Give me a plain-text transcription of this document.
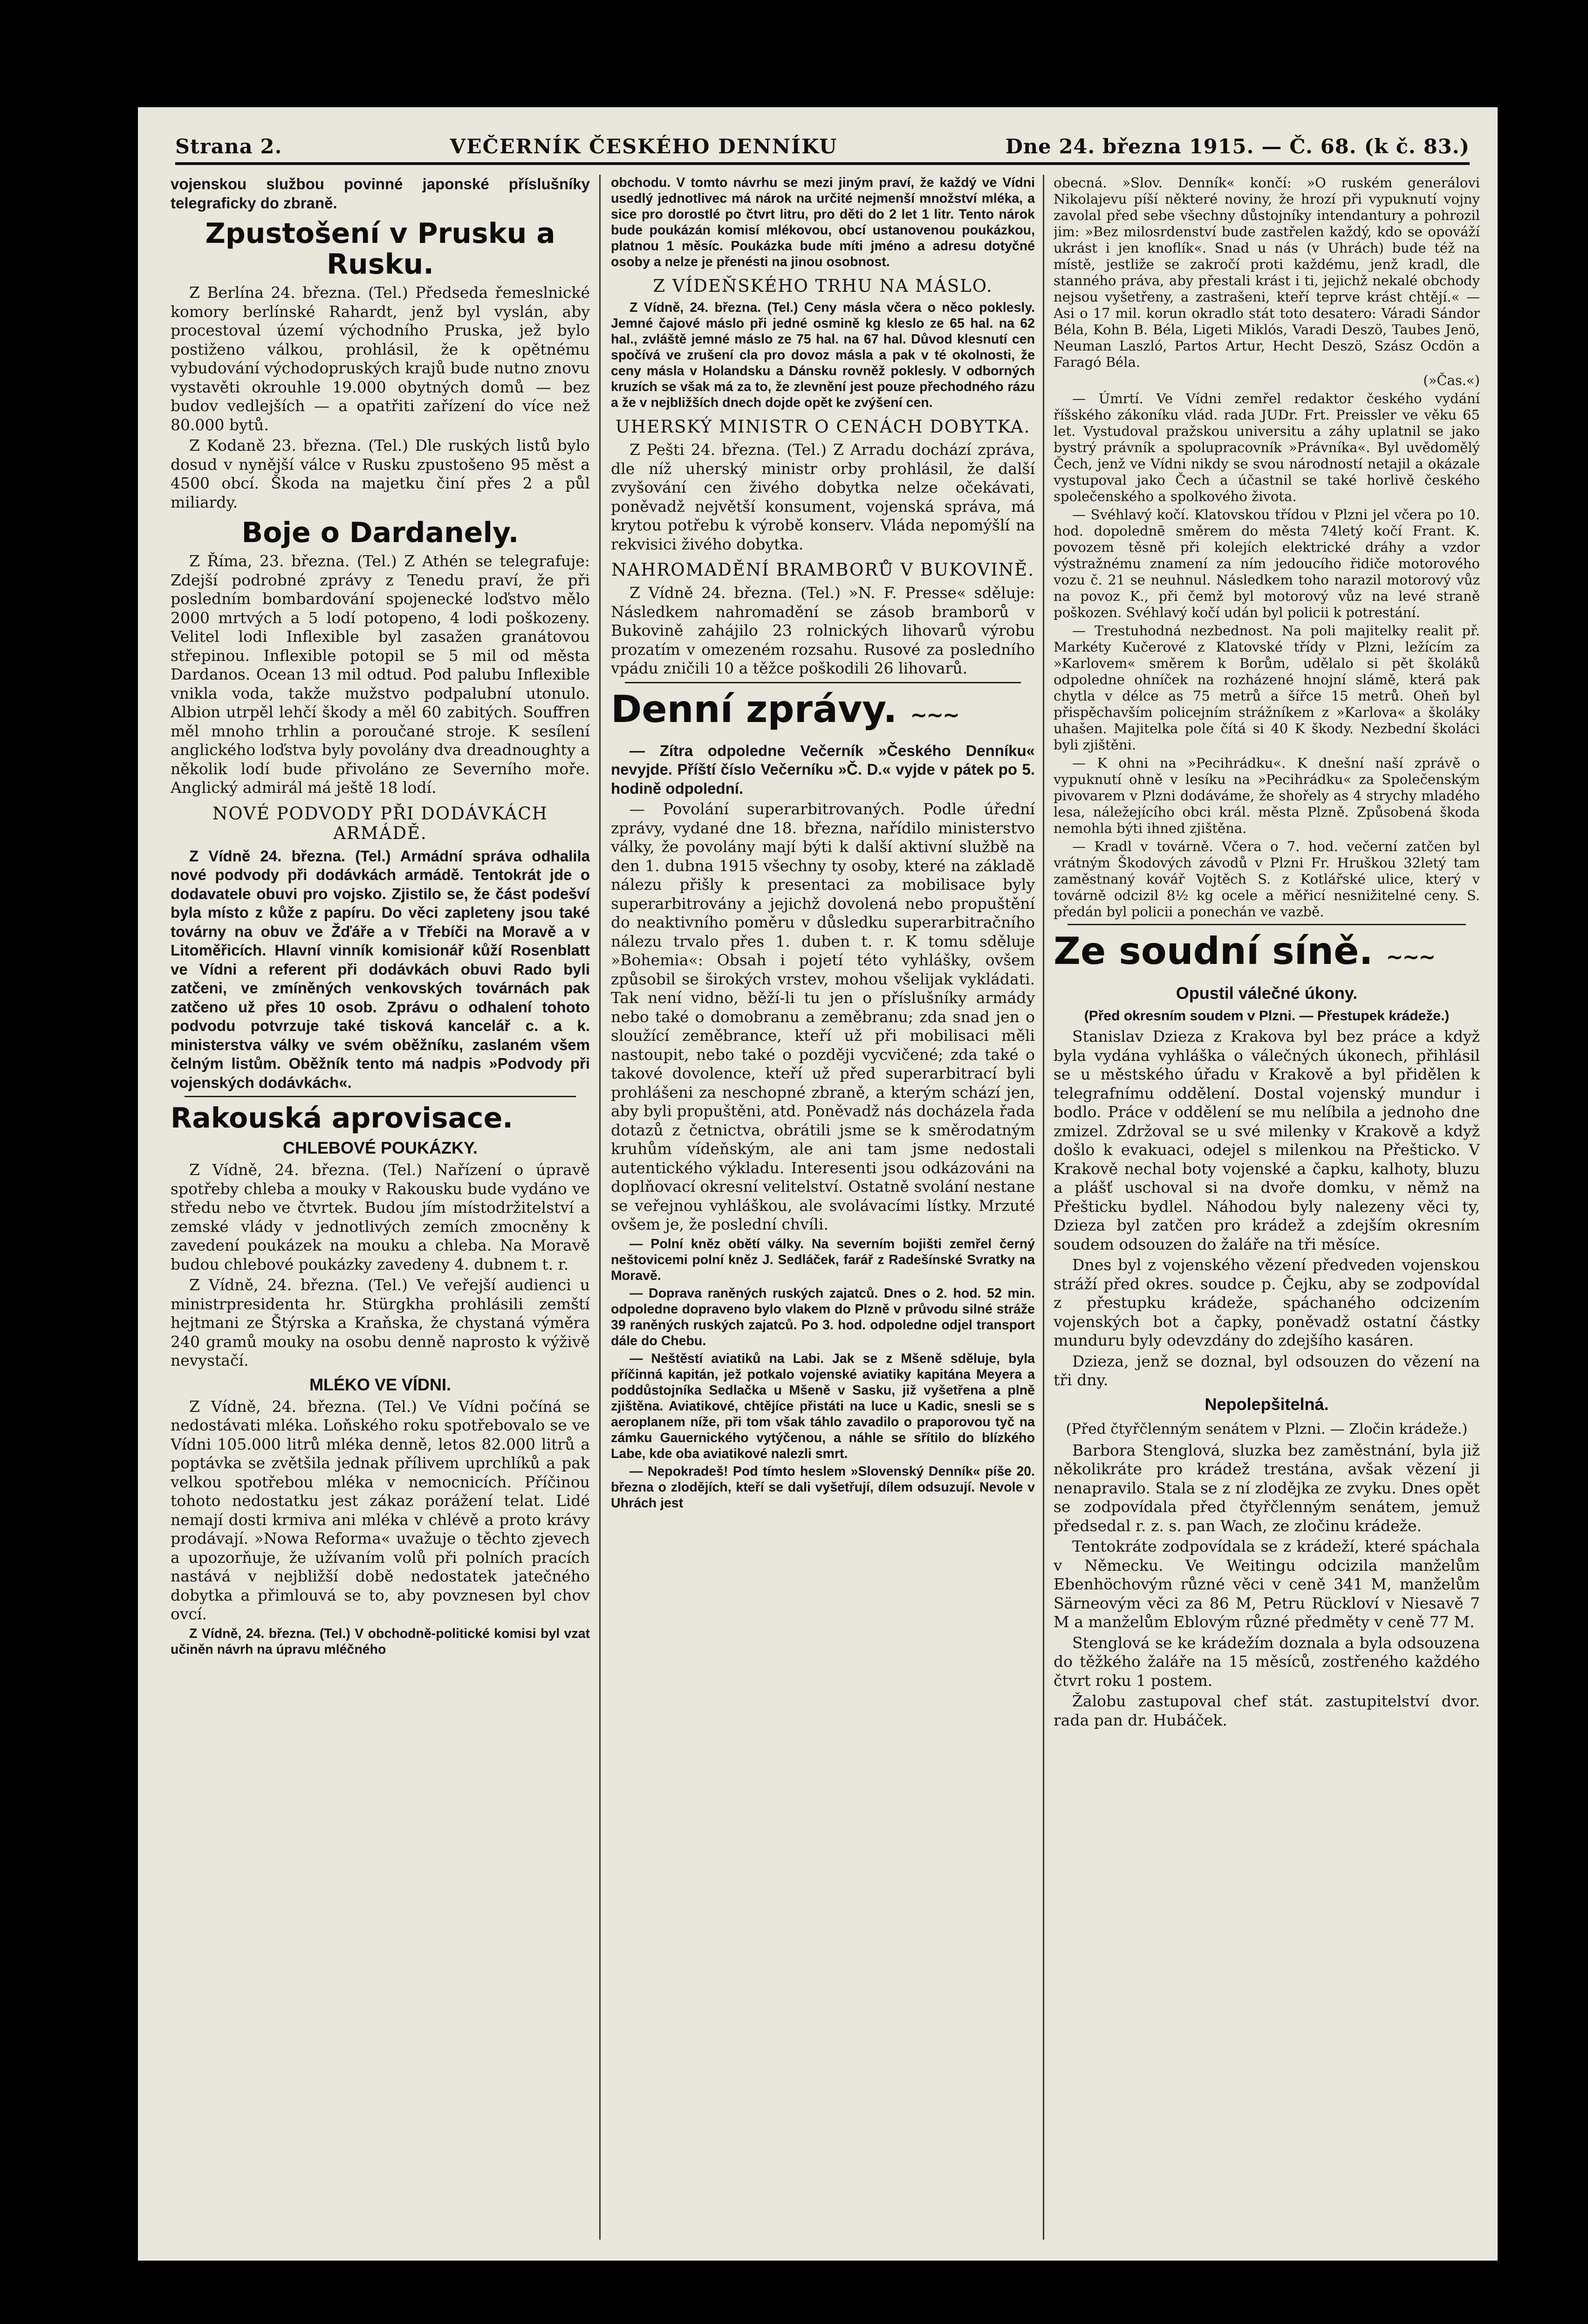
Strana 2.	VEČERNÍK ČESKÉHO DENNÍKU	Dne 24. března 1915. — Č. 68. (k č. 83.)

vojenskou službou povinné japonské příslušníky telegraficky do zbraně.

Zpustošení v Prusku a Rusku.

Z Berlína 24. března. (Tel.) Předseda řemeslnické komory berlínské Rahardt, jenž byl vyslán, aby procestoval území východního Pruska, jež bylo postiženo válkou, prohlásil, že k opětnému vybudování východopruských krajů bude nutno znovu vystavěti okrouhle 19.000 obytných domů — bez budov vedlejších — a opatřiti zařízení do více než 80.000 bytů.

Z Kodaně 23. března. (Tel.) Dle ruských listů bylo dosud v nynější válce v Rusku zpustošeno 95 měst a 4500 obcí. Škoda na majetku činí přes 2 a půl miliardy.

Boje o Dardanely.

Z Říma, 23. března. (Tel.) Z Athén se telegrafuje: Zdejší podrobné zprávy z Tenedu praví, že při posledním bombardování spojenecké loďstvo mělo 2000 mrtvých a 5 lodí potopeno, 4 lodi poškozeny. Velitel lodi Inflexible byl zasažen granátovou střepinou. Inflexible potopil se 5 mil od města Dardanos. Ocean 13 mil odtud. Pod palubu Inflexible vnikla voda, takže mužstvo podpalubní utonulo. Albion utrpěl lehčí škody a měl 60 zabitých. Souffren měl mnoho trhlin a poroučané stroje. K sesílení anglického loďstva byly povolány dva dreadnoughty a několik lodí bude přivoláno ze Severního moře. Anglický admirál má ještě 18 lodí.

NOVÉ PODVODY PŘI DODÁVKÁCH ARMÁDĚ.

Z Vídně 24. března. (Tel.) Armádní správa odhalila nové podvody při dodávkách armádě. Tentokrát jde o dodavatele obuvi pro vojsko. Zjistilo se, že část podešví byla místo z kůže z papíru. Do věci zapleteny jsou také továrny na obuv ve Žďáře a v Třebíči na Moravě a v Litoměřicích. Hlavní vinník komisionář kůží Rosenblatt ve Vídni a referent při dodávkách obuvi Rado byli zatčeni, ve zmíněných venkovských továrnách pak zatčeno už přes 10 osob. Zprávu o odhalení tohoto podvodu potvrzuje také tisková kancelář c. a k. ministerstva války ve svém oběžníku, zaslaném všem čelným listům. Oběžník tento má nadpis »Podvody při vojenských dodávkách«.

Rakouská aprovisace.
CHLEBOVÉ POUKÁZKY.

Z Vídně, 24. března. (Tel.) Nařízení o úpravě spotřeby chleba a mouky v Rakousku bude vydáno ve středu nebo ve čtvrtek. Budou jím místodržitelství a zemské vlády v jednotlivých zemích zmocněny k zavedení poukázek na mouku a chleba. Na Moravě budou chlebové poukázky zavedeny 4. dubnem t. r.

Z Vídně, 24. března. (Tel.) Ve veřejší audienci u ministrpresidenta hr. Stürgkha prohlásili zemští hejtmani ze Štýrska a Kraňska, že chystaná výměra 240 gramů mouky na osobu denně naprosto k výživě nevystačí.

MLÉKO VE VÍDNI.

Z Vídně, 24. března. (Tel.) Ve Vídni počíná se nedostávati mléka. Loňského roku spotřebovalo se ve Vídni 105.000 litrů mléka denně, letos 82.000 litrů a poptávka se zvětšila jednak přílivem uprchlíků a pak velkou spotřebou mléka v nemocnicích. Příčinou tohoto nedostatku jest zákaz porážení telat. Lidé nemají dosti krmiva ani mléka v chlévě a proto krávy prodávají. »Nowa Reforma« uvažuje o těchto zjevech a upozorňuje, že užívaním volů při polních pracích nastává v nejbližší době nedostatek jatečného dobytka a přimlouvá se to, aby povznesen byl chov ovcí.

Z Vídně, 24. března. (Tel.) V obchodně-politické komisi byl vzat učiněn návrh na úpravu mléčného

obchodu. V tomto návrhu se mezi jiným praví, že každý ve Vídni usedlý jednotlivec má nárok na určité nejmenší množství mléka, a sice pro dorostlé po čtvrt litru, pro děti do 2 let 1 litr. Tento nárok bude poukázán komisí mlékovou, obcí ustanovenou poukázkou, platnou 1 měsíc. Poukázka bude míti jméno a adresu dotyčné osoby a nelze je přenésti na jinou osobnost.

Z VÍDEŇSKÉHO TRHU NA MÁSLO.

Z Vídně, 24. března. (Tel.) Ceny másla včera o něco poklesly. Jemné čajové máslo při jedné osmině kg kleslo ze 65 hal. na 62 hal., zvláště jemné máslo ze 75 hal. na 67 hal. Důvod klesnutí cen spočívá ve zrušení cla pro dovoz másla a pak v té okolnosti, že ceny másla v Holandsku a Dánsku rovněž poklesly. V odborných kruzích se však má za to, že zlevnění jest pouze přechodného rázu a že v nejbližších dnech dojde opět ke zvýšení cen.

UHERSKÝ MINISTR O CENÁCH DOBYTKA.

Z Pešti 24. března. (Tel.) Z Arradu dochází zpráva, dle níž uherský ministr orby prohlásil, že další zvyšování cen živého dobytka nelze očekávati, poněvadž největší konsument, vojenská správa, má krytou potřebu k výrobě konserv. Vláda nepomýšlí na rekvisici živého dobytka.

NAHROMADĚNÍ BRAMBORŮ V BUKOVINĚ.

Z Vídně 24. března. (Tel.) »N. F. Presse« sděluje: Následkem nahromadění se zásob bramborů v Bukovině zahájilo 23 rolnických lihovarů výrobu prozatím v omezeném rozsahu. Rusové za posledního vpádu zničili 10 a těžce poškodili 26 lihovarů.

Denní zprávy. ~~~

— Zítra odpoledne Večerník »Českého Denníku« nevyjde. Příští číslo Večerníku »Č. D.« vyjde v pátek po 5. hodině odpolední.

— Povolání superarbitrovaných. Podle úřední zprávy, vydané dne 18. března, nařídilo ministerstvo války, že povolány mají býti k další aktivní službě na den 1. dubna 1915 všechny ty osoby, které na základě nálezu přišly k presentaci za mobilisace byly superarbitrovány a jejichž dovolená nebo propuštění do neaktivního poměru v důsledku superarbitračního nálezu trvalo přes 1. duben t. r. K tomu sděluje »Bohemia«: Obsah i pojetí této vyhlášky, ovšem způsobil se širokých vrstev, mohou všelijak vykládati. Tak není vidno, běží-li tu jen o příslušníky armády nebo také o domobranu a zeměbranu; zda snad jen o sloužící zeměbrance, kteří už při mobilisaci měli nastoupit, nebo také o později vycvičené; zda také o takové dovolence, kteří už před superarbitrací byli prohlášeni za neschopné zbraně, a kterým schází jen, aby byli propuštěni, atd. Poněvadž nás docházela řada dotazů z četnictva, obrátili jsme se k směrodatným kruhům vídeňským, ale ani tam jsme nedostali autentického výkladu. Interesenti jsou odkázováni na doplňovací okresní velitelství. Ostatně svolání nestane se veřejnou vyhláškou, ale svolávacími lístky. Mrzuté ovšem je, že poslední chvíli.

— Polní kněz obětí války. Na severním bojišti zemřel černý neštovicemi polní kněz J. Sedláček, farář z Radešínské Svratky na Moravě.

— Doprava raněných ruských zajatců. Dnes o 2. hod. 52 min. odpoledne dopraveno bylo vlakem do Plzně v průvodu silné stráže 39 raněných ruských zajatců. Po 3. hod. odpoledne odjel transport dále do Chebu.

— Neštěstí aviatiků na Labi. Jak se z Mšeně sděluje, byla příčinná kapitán, jež potkalo vojenské aviatiky kapitána Meyera a poddůstojníka Sedlačka u Mšeně v Sasku, již vyšetřena a plně zjištěna. Aviatikové, chtějíce přistáti na luce u Kadic, snesli se s aeroplanem níže, při tom však táhlo zavadilo o praporovou tyč na zámku Gauernického vytýčenou, a náhle se sřítilo do blízkého Labe, kde oba aviatikové nalezli smrt.

— Nepokradeš! Pod tímto heslem »Slovenský Denník« píše 20. března o zlodějích, kteří se dali vyšetřují, dílem odsuzují. Nevole v Uhrách jest

obecná. »Slov. Denník« končí: »O ruském generálovi Nikolajevu píší některé noviny, že hrozí při vypuknutí vojny zavolal před sebe všechny důstojníky intendantury a pohrozil jim: »Bez milosrdenství bude zastřelen každý, kdo se opováží ukrást i jen knoflík«. Snad u nás (v Uhrách) bude též na místě, jestliže se zakročí proti každému, jenž kradl, dle stanného práva, aby přestali krást i ti, jejichž nekalé obchody nejsou vyšetřeny, a zastrašeni, kteří teprve krást chtějí.« — Asi o 17 mil. korun okradlo stát toto desatero: Váradi Sándor Béla, Kohn B. Béla, Ligeti Miklós, Varadi Deszö, Taubes Jenö, Neuman Laszló, Partos Artur, Hecht Deszö, Szász Ocdön a Faragó Béla.

(»Čas.«)

— Úmrtí. Ve Vídni zemřel redaktor českého vydání říšského zákoníku vlád. rada JUDr. Frt. Preissler ve věku 65 let. Vystudoval pražskou universitu a záhy uplatnil se jako bystrý právník a spolupracovník »Právníka«. Byl uvědomělý Čech, jenž ve Vídni nikdy se svou národností netajil a okázale vystupoval jako Čech a účastnil se také horlivě českého společenského a spolkového života.

— Svéhlavý kočí. Klatovskou třídou v Plzni jel včera po 10. hod. dopolednē směrem do města 74letý kočí Frant. K. povozem těsně při kolejích elektrické dráhy a vzdor výstražnému znamení za ním jedoucího řidiče motorového vozu č. 21 se neuhnul. Následkem toho narazil motorový vůz na povoz K., při čemž byl motorový vůz na levé straně poškozen. Svéhlavý kočí udán byl policii k potrestání.

— Trestuhodná nezbednost. Na poli majitelky realit př. Markéty Kučerové z Klatovské třídy v Plzni, ležícím za »Karlovem« směrem k Borům, udělalo si pět školáků odpoledne ohníček na rozházené hnojní slámě, která pak chytla v délce as 75 metrů a šířce 15 metrů. Oheň byl přispěchavším policejním strážníkem z »Karlova« a školáky uhašen. Majitelka pole čítá si 40 K škody. Nezbední školáci byli zjištěni.

— K ohni na »Pecihrádku«. K dnešní naší zprávě o vypuknutí ohně v lesíku na »Pecihrádku« za Společenským pivovarem v Plzni dodáváme, že shořely as 4 strychy mladého lesa, náležejícího obci král. města Plzně. Způsobená škoda nemohla býti ihned zjištěna.

— Kradl v továrně. Včera o 7. hod. večerní zatčen byl vrátným Škodových závodů v Plzni Fr. Hruškou 32letý tam zaměstnaný kovář Vojtěch S. z Kotlářské ulice, který v továrně odcizil 8½ kg ocele a měřicí nesnižitelné ceny. S. předán byl policii a ponechán ve vazbě.

Ze soudní síně. ~~~
Opustil válečné úkony.
(Před okresním soudem v Plzni. — Přestupek krádeže.)

Stanislav Dzieza z Krakova byl bez práce a když byla vydána vyhláška o válečných úkonech, přihlásil se u městského úřadu v Krakově a byl přidělen k telegrafnímu oddělení. Dostal vojenský mundur i bodlo. Práce v oddělení se mu nelíbila a jednoho dne zmizel. Zdržoval se u své milenky v Krakově a když došlo k evakuaci, odejel s milenkou na Přešticko. V Krakově nechal boty vojenské a čapku, kalhoty, bluzu a plášť uschoval si na dvoře domku, v němž na Přešticku bydlel. Náhodou byly nalezeny věci ty, Dzieza byl zatčen pro krádež a zdejším okresním soudem odsouzen do žaláře na tři měsíce.

Dnes byl z vojenského vězení předveden vojenskou stráží před okres. soudce p. Čejku, aby se zodpovídal z přestupku krádeže, spáchaného odcizením vojenských bot a čapky, poněvadž ostatní částky munduru byly odevzdány do zdejšího kasáren.

Dzieza, jenž se doznal, byl odsouzen do vězení na tři dny.

Nepolepšitelná.
(Před čtyřčlenným senátem v Plzni. — Zločin krádeže.)

Barbora Stenglová, sluzka bez zaměstnání, byla již několikráte pro krádež trestána, avšak vězení ji nenapravilo. Stala se z ní zlodějka ze zvyku. Dnes opět se zodpovídala před čtyřčlenným senátem, jemuž předsedal r. z. s. pan Wach, ze zločinu krádeže.

Tentokráte zodpovídala se z krádeží, které spáchala v Německu. Ve Weitingu odcizila manželům Ebenhöchovým různé věci v ceně 341 M, manželům Särneovým věci za 86 M, Petru Rückloví v Niesavě 7 M a manželům Eblovým různé předměty v ceně 77 M.

Stenglová se ke krádežím doznala a byla odsouzena do těžkého žaláře na 15 měsíců, zostřeného každého čtvrt roku 1 postem.

Žalobu zastupoval chef stát. zastupitelství dvor. rada pan dr. Hubáček.
